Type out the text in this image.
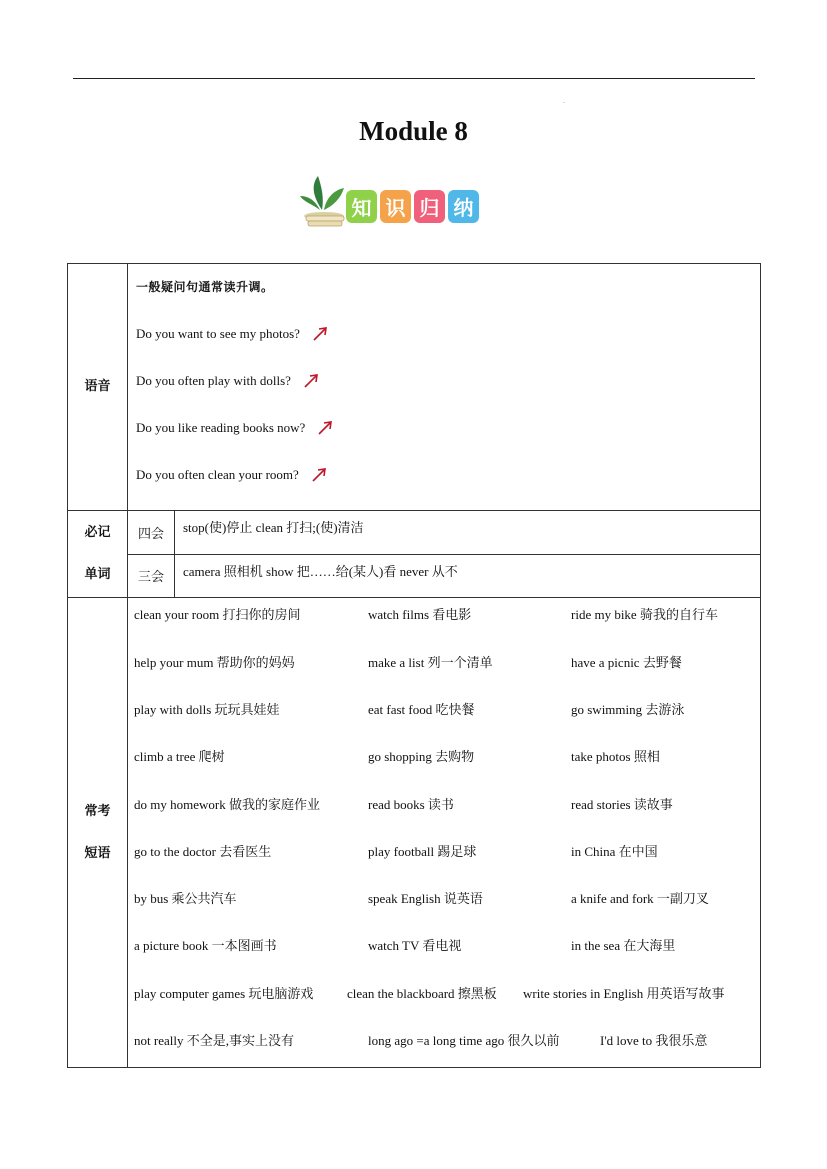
-
Module 8
知 识 归 纳
语音	
一般疑问句通常读升调。
Do you want to see my photos?
Do you often play with dolls?
Do you like reading books now?
Do you often clean your room?

必记
单词

四会	stop(使)停止 clean 打扫;(使)清洁
三会	camera 照相机 show 把……给(某人)看 never 从不

常考
短语

clean your room 打扫你的房间	watch films 看电影	ride my bike 骑我的自行车
help your mum 帮助你的妈妈	make a list 列一个清单	have a picnic 去野餐
play with dolls 玩玩具娃娃	eat fast food 吃快餐	go swimming 去游泳
climb a tree 爬树	go shopping 去购物	take photos 照相
do my homework 做我的家庭作业	read books 读书	read stories 读故事
go to the doctor 去看医生	play football 踢足球	in China 在中国
by bus 乘公共汽车	speak English 说英语	a knife and fork 一副刀叉
a picture book 一本图画书	watch TV 看电视	in the sea 在大海里
play computer games 玩电脑游戏	clean the blackboard 擦黑板 write stories in English 用英语写故事
not really 不全是,事实上没有	long ago =a long time ago 很久以前	I'd love to 我很乐意
